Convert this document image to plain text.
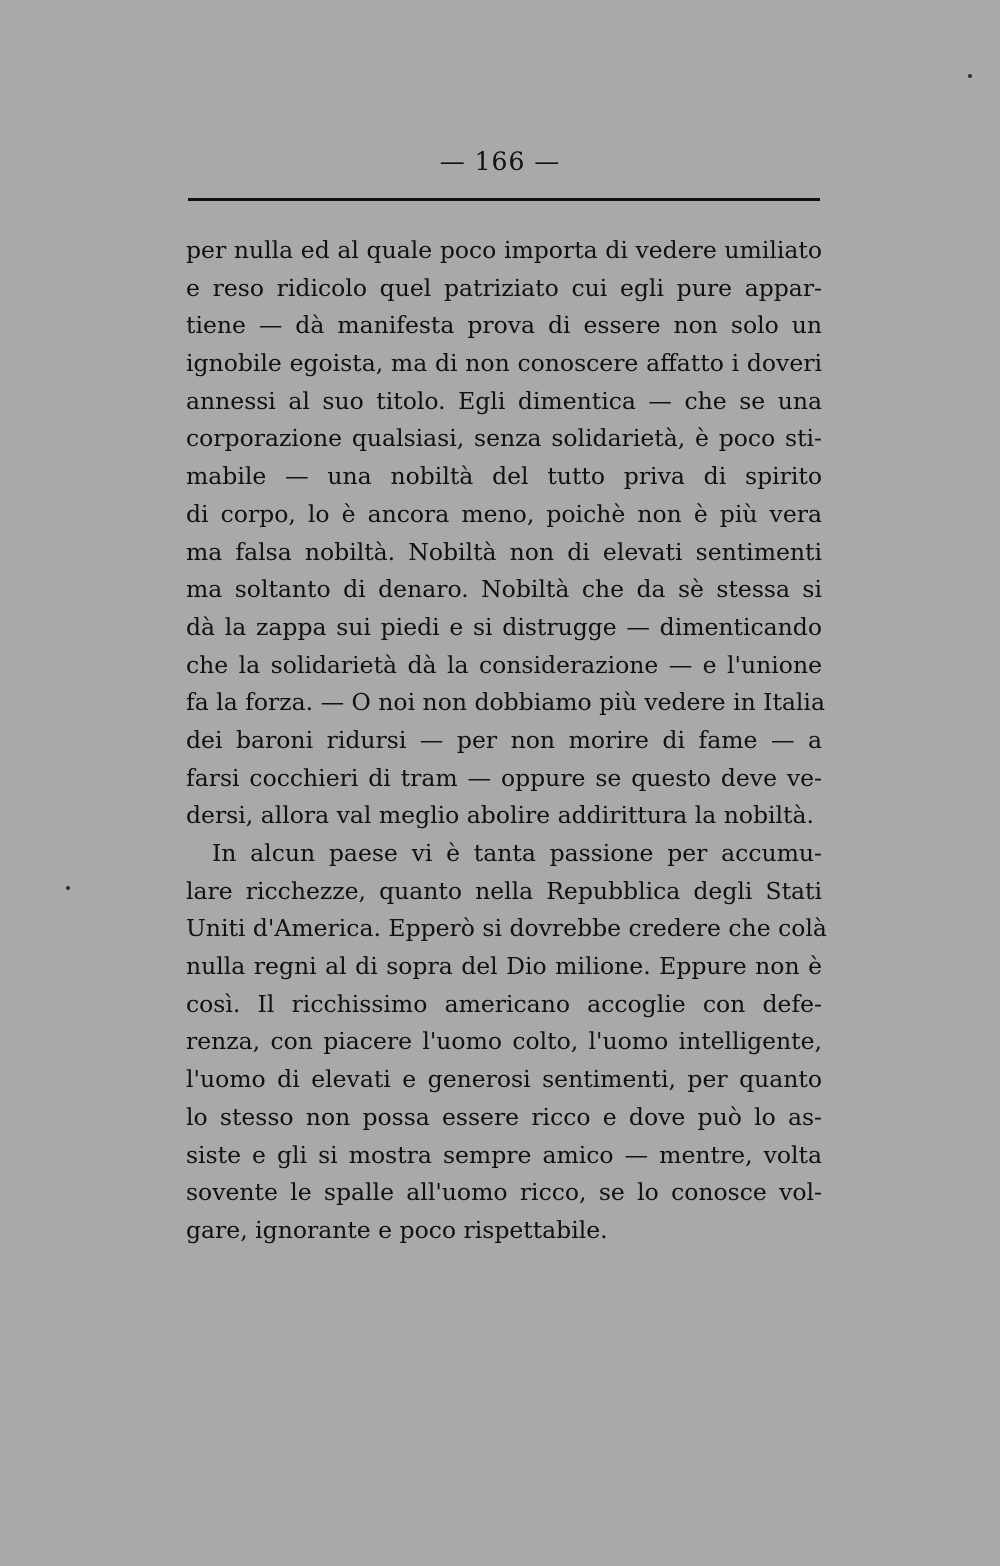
— 166 —
per nulla ed al quale poco importa di vedere umiliato
e reso ridicolo quel patriziato cui egli pure appar-
tiene — dà manifesta prova di essere non solo un
ignobile egoista, ma di non conoscere affatto i doveri
annessi al suo titolo. Egli dimentica — che se una
corporazione qualsiasi, senza solidarietà, è poco sti-
mabile — una nobiltà del tutto priva di spirito
di corpo, lo è ancora meno, poichè non è più vera
ma falsa nobiltà. Nobiltà non di elevati sentimenti
ma soltanto di denaro. Nobiltà che da sè stessa si
dà la zappa sui piedi e si distrugge — dimenticando
che la solidarietà dà la considerazione — e l'unione
fa la forza. — O noi non dobbiamo più vedere in Italia
dei baroni ridursi — per non morire di fame — a
farsi cocchieri di tram — oppure se questo deve ve-
dersi, allora val meglio abolire addirittura la nobiltà.
In alcun paese vi è tanta passione per accumu-
lare ricchezze, quanto nella Repubblica degli Stati
Uniti d'America. Epperò si dovrebbe credere che colà
nulla regni al di sopra del Dio milione. Eppure non è
così. Il ricchissimo americano accoglie con defe-
renza, con piacere l'uomo colto, l'uomo intelligente,
l'uomo di elevati e generosi sentimenti, per quanto
lo stesso non possa essere ricco e dove può lo as-
siste e gli si mostra sempre amico — mentre, volta
sovente le spalle all'uomo ricco, se lo conosce vol-
gare, ignorante e poco rispettabile.
